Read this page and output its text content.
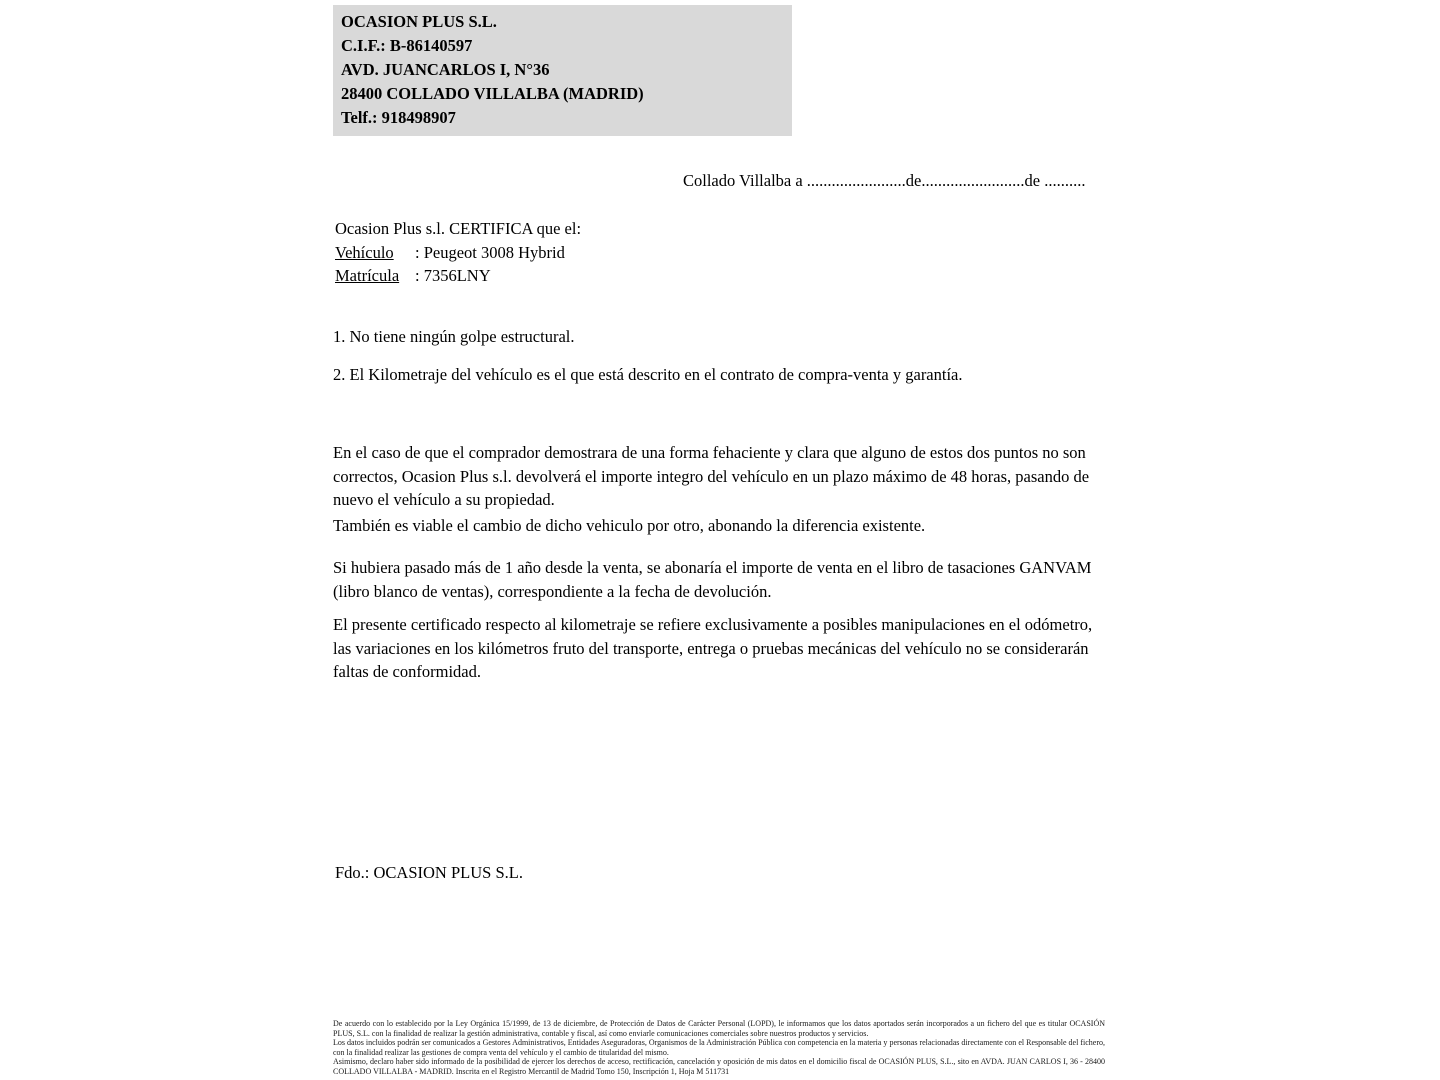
OCASION PLUS S.L.
C.I.F.: B-86140597
AVD. JUANCARLOS I, N°36
28400 COLLADO VILLALBA (MADRID)
Telf.: 918498907
Collado Villalba a ........................de.........................de ..........
Ocasion Plus s.l. CERTIFICA que el:
Vehículo : Peugeot 3008 Hybrid
Matrícula : 7356LNY
1. No tiene ningún golpe estructural.
2. El Kilometraje del vehículo es el que está descrito en el contrato de compra-venta y garantía.
En el caso de que el comprador demostrara de una forma fehaciente y clara que alguno de estos dos puntos no son correctos, Ocasion Plus s.l. devolverá el importe integro del vehículo en un plazo máximo de 48 horas, pasando de nuevo el vehículo a su propiedad.
También es viable el cambio de dicho vehiculo por otro, abonando la diferencia existente.
Si hubiera pasado más de 1 año desde la venta, se abonaría el importe de venta en el libro de tasaciones GANVAM (libro blanco de ventas), correspondiente a la fecha de devolución.
El presente certificado respecto al kilometraje se refiere exclusivamente a posibles manipulaciones en el odómetro, las variaciones en los kilómetros fruto del transporte, entrega o pruebas mecánicas del vehículo no se considerarán faltas de conformidad.
Fdo.: OCASION PLUS S.L.

De acuerdo con lo establecido por la Ley Orgánica 15/1999, de 13 de diciembre, de Protección de Datos de Carácter Personal (LOPD), le informamos que los datos aportados serán incorporados a un fichero del que es titular OCASIÓN PLUS, S.L. con la finalidad de realizar la gestión administrativa, contable y fiscal, así como enviarle comunicaciones comerciales sobre nuestros productos y servicios.

Los datos incluidos podrán ser comunicados a Gestores Administrativos, Entidades Aseguradoras, Organismos de la Administración Pública con competencia en la materia y personas relacionadas directamente con el Responsable del fichero, con la finalidad realizar las gestiones de compra venta del vehículo y el cambio de titularidad del mismo.

Asimismo, declaro haber sido informado de la posibilidad de ejercer los derechos de acceso, rectificación, cancelación y oposición de mis datos en el domicilio fiscal de OCASIÓN PLUS, S.L., sito en AVDA. JUAN CARLOS I, 36 - 28400 COLLADO VILLALBA - MADRID. Inscrita en el Registro Mercantil de Madrid Tomo 150, Inscripción 1, Hoja M 511731
